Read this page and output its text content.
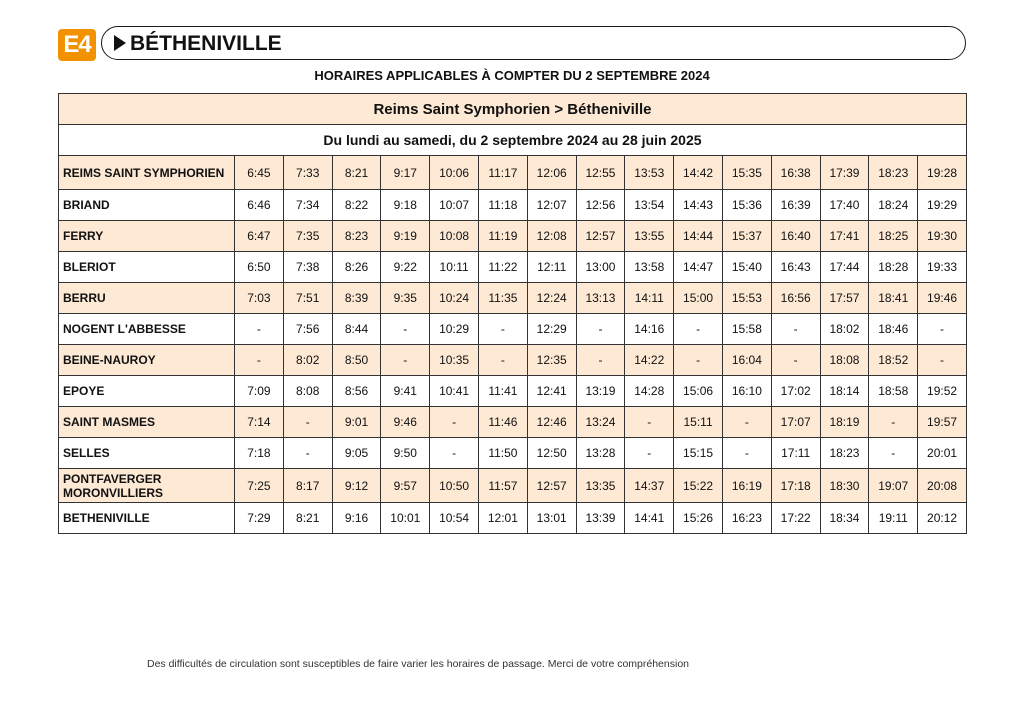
E4 BÉTHENIVILLE
HORAIRES APPLICABLES À COMPTER DU 2 SEPTEMBRE 2024
Reims Saint Symphorien > Bétheniville															
Du lundi au samedi, du 2 septembre 2024 au 28 juin 2025															
REIMS SAINT SYMPHORIEN	6:45	7:33	8:21	9:17	10:06	11:17	12:06	12:55	13:53	14:42	15:35	16:38	17:39	18:23	19:28
BRIAND	6:46	7:34	8:22	9:18	10:07	11:18	12:07	12:56	13:54	14:43	15:36	16:39	17:40	18:24	19:29
FERRY	6:47	7:35	8:23	9:19	10:08	11:19	12:08	12:57	13:55	14:44	15:37	16:40	17:41	18:25	19:30
BLERIOT	6:50	7:38	8:26	9:22	10:11	11:22	12:11	13:00	13:58	14:47	15:40	16:43	17:44	18:28	19:33
BERRU	7:03	7:51	8:39	9:35	10:24	11:35	12:24	13:13	14:11	15:00	15:53	16:56	17:57	18:41	19:46
NOGENT L'ABBESSE	-	7:56	8:44	-	10:29	-	12:29	-	14:16	-	15:58	-	18:02	18:46	-
BEINE-NAUROY	-	8:02	8:50	-	10:35	-	12:35	-	14:22	-	16:04	-	18:08	18:52	-
EPOYE	7:09	8:08	8:56	9:41	10:41	11:41	12:41	13:19	14:28	15:06	16:10	17:02	18:14	18:58	19:52
SAINT MASMES	7:14	-	9:01	9:46	-	11:46	12:46	13:24	-	15:11	-	17:07	18:19	-	19:57
SELLES	7:18	-	9:05	9:50	-	11:50	12:50	13:28	-	15:15	-	17:11	18:23	-	20:01
PONTFAVERGER MORONVILLIERS	7:25	8:17	9:12	9:57	10:50	11:57	12:57	13:35	14:37	15:22	16:19	17:18	18:30	19:07	20:08
BETHENIVILLE	7:29	8:21	9:16	10:01	10:54	12:01	13:01	13:39	14:41	15:26	16:23	17:22	18:34	19:11	20:12
Des difficultés de circulation sont susceptibles de faire varier les horaires de passage. Merci de votre compréhension
